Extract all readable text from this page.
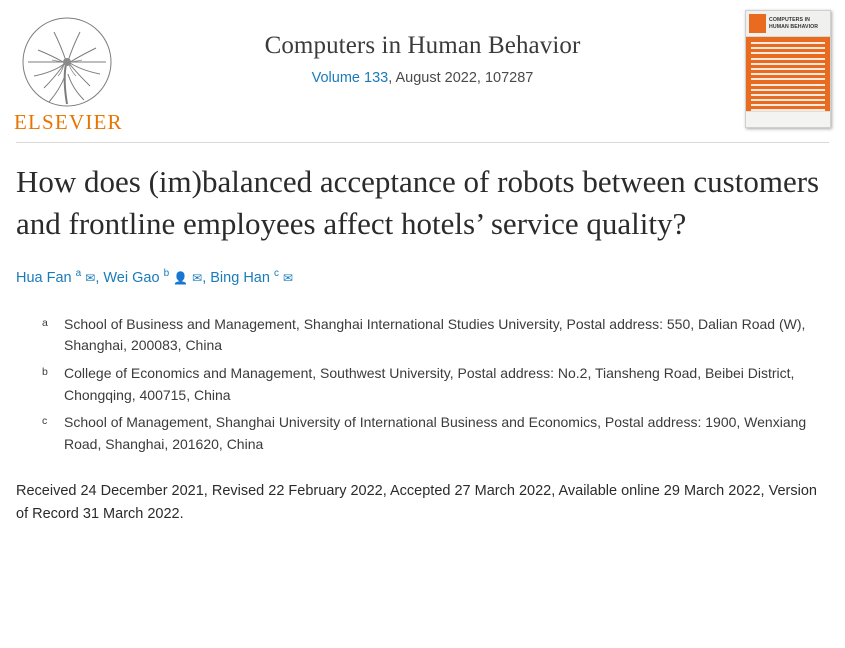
ELSEVIER
Computers in Human Behavior
Volume 133, August 2022, 107287
COMPUTERS IN HUMAN BEHAVIOR
How does (im)balanced acceptance of robots between customers and frontline employees affect hotels’ service quality?
Hua Fan $^a$ ✉, Wei Gao $^b$ 👤 ✉, Bing Han $^c$ ✉
a	School of Business and Management, Shanghai International Studies University, Postal address: 550, Dalian Road (W), Shanghai, 200083, China
b	College of Economics and Management, Southwest University, Postal address: No.2, Tiansheng Road, Beibei District, Chongqing, 400715, China
c	School of Management, Shanghai University of International Business and Economics, Postal address: 1900, Wenxiang Road, Shanghai, 201620, China
Received 24 December 2021, Revised 22 February 2022, Accepted 27 March 2022, Available online 29 March 2022, Version of Record 31 March 2022.
